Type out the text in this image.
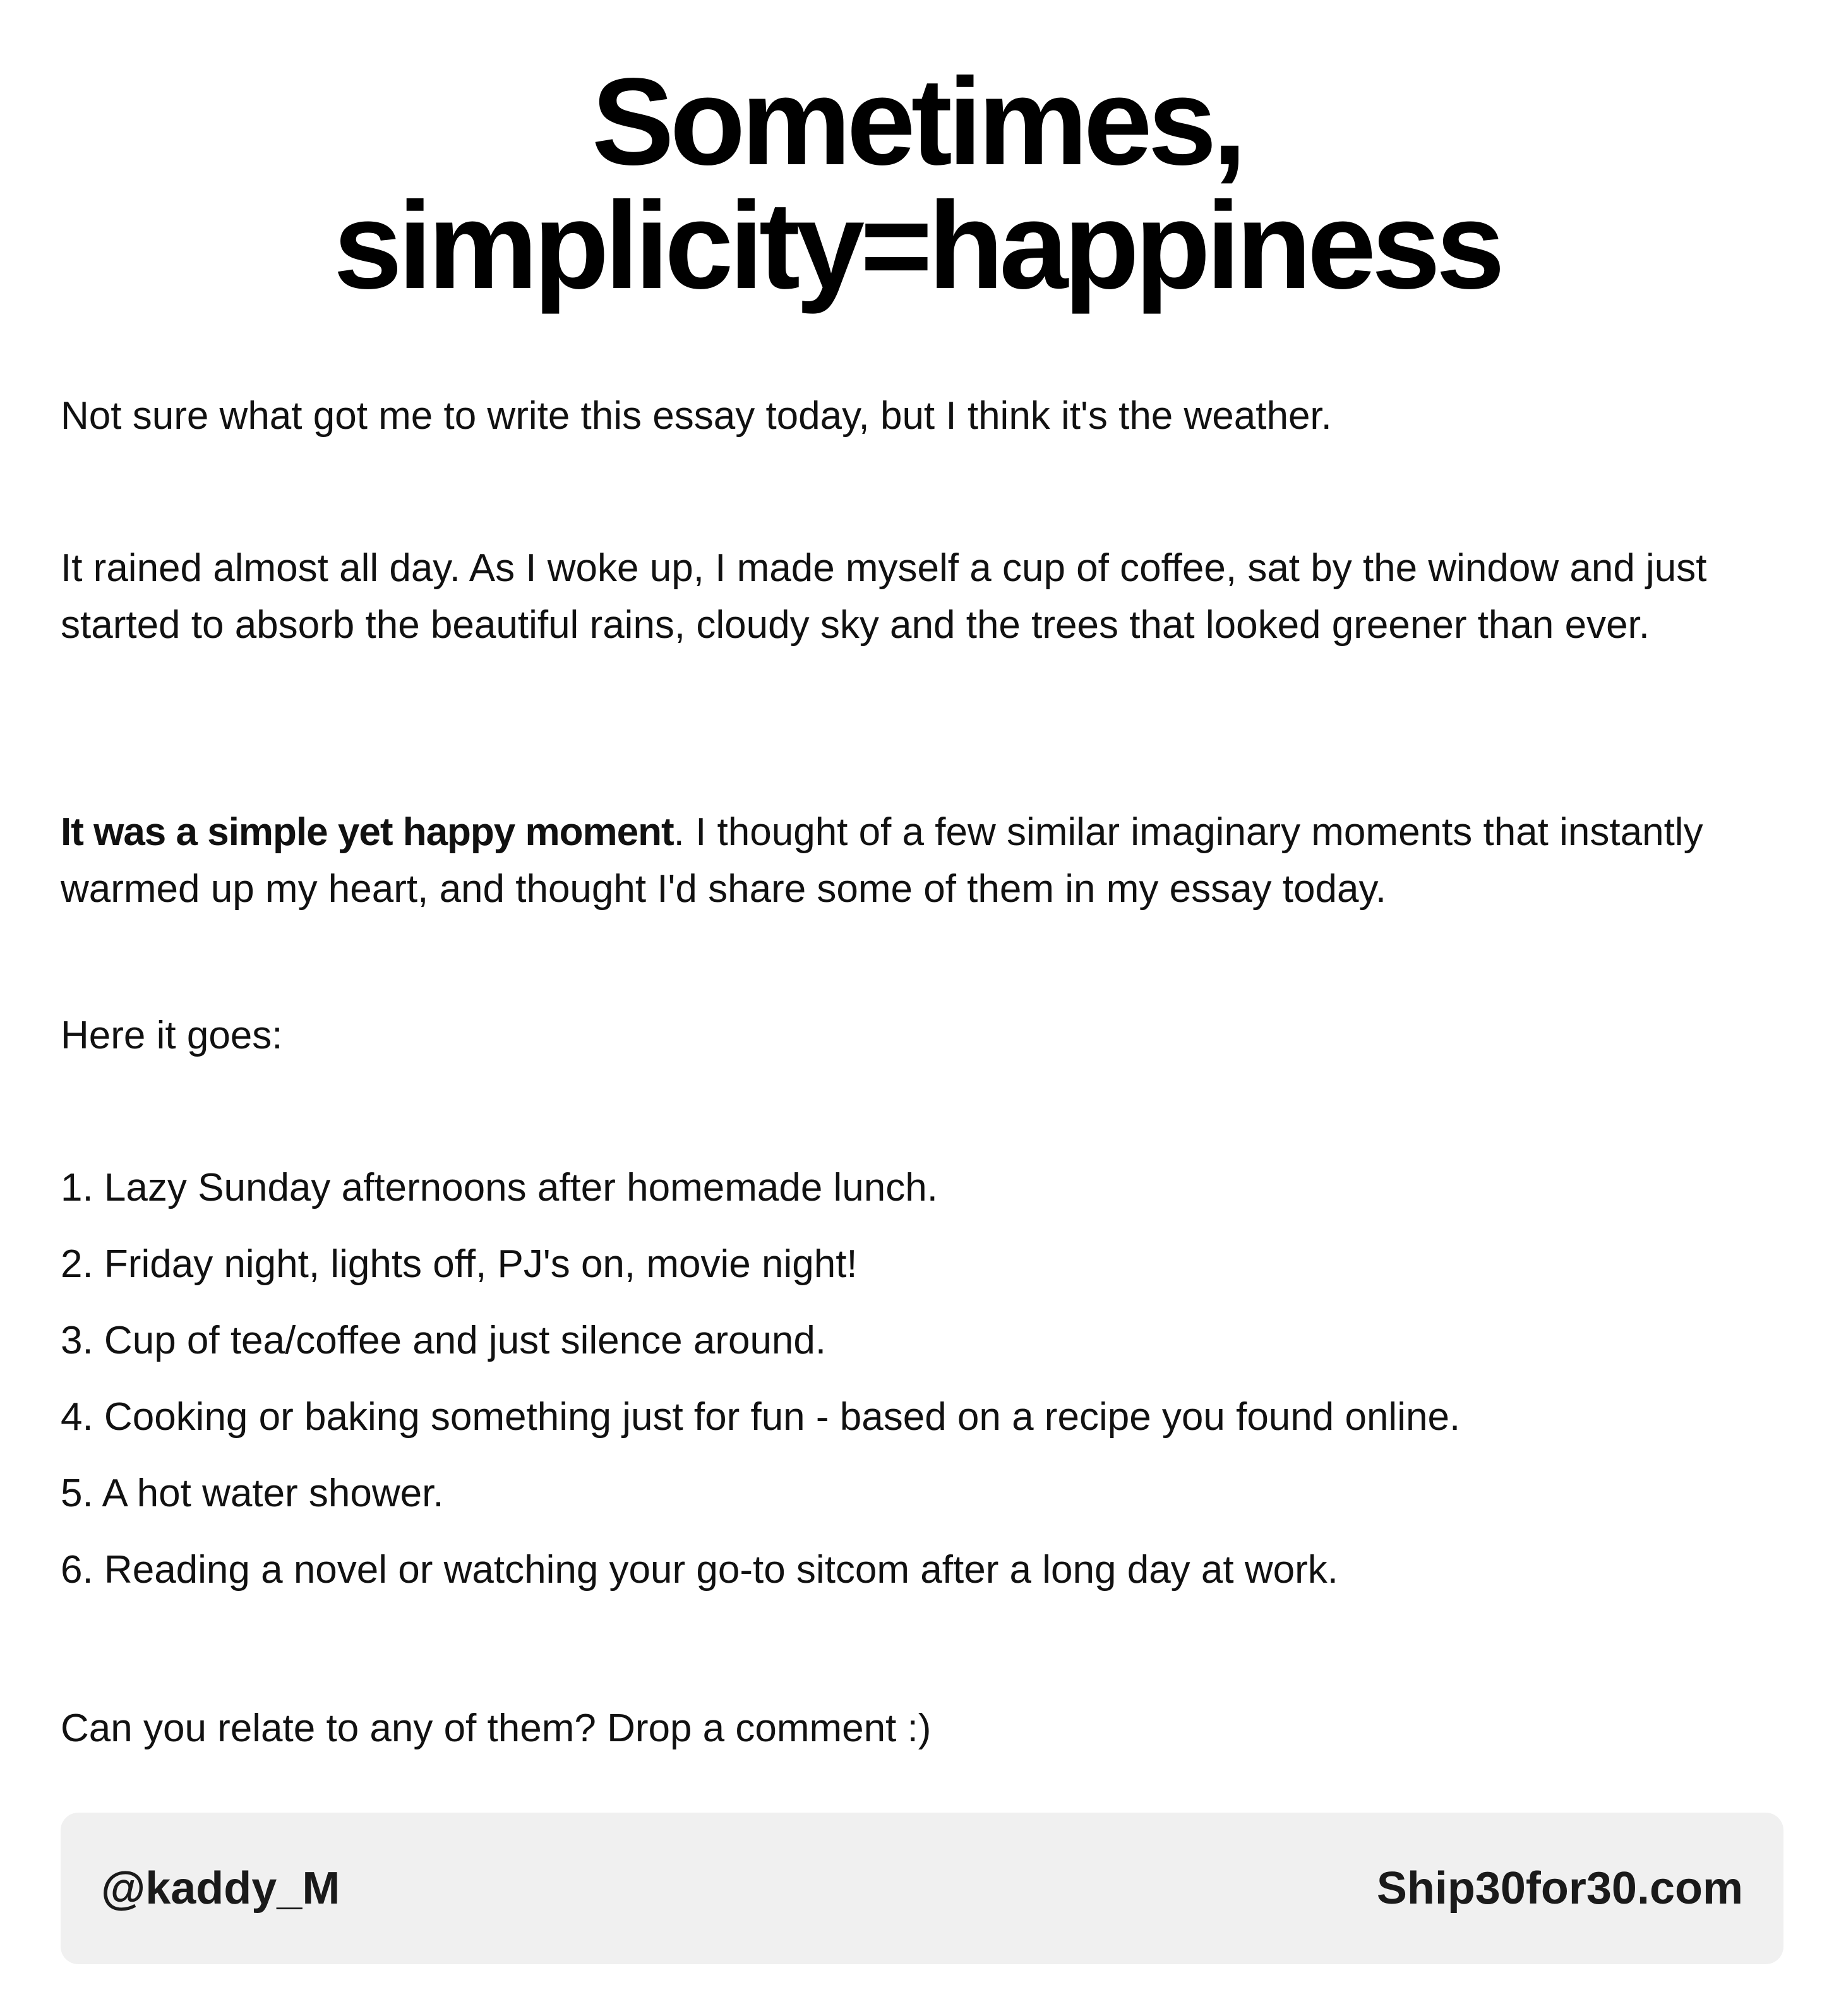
Sometimes,
simplicity=happiness

Not sure what got me to write this essay today, but I think it's the weather.

It rained almost all day. As I woke up, I made myself a cup of coffee, sat by the window and just started to absorb the beautiful rains, cloudy sky and the trees that looked greener than ever.

It was a simple yet happy moment. I thought of a few similar imaginary moments that instantly warmed up my heart, and thought I'd share some of them in my essay today.

Here it goes:

1. Lazy Sunday afternoons after homemade lunch.
2. Friday night, lights off, PJ's on, movie night!
3. Cup of tea/coffee and just silence around.
4. Cooking or baking something just for fun - based on a recipe you found online.
5. A hot water shower.
6. Reading a novel or watching your go-to sitcom after a long day at work.

Can you relate to any of them? Drop a comment :)

@kaddy_M	Ship30for30.com
